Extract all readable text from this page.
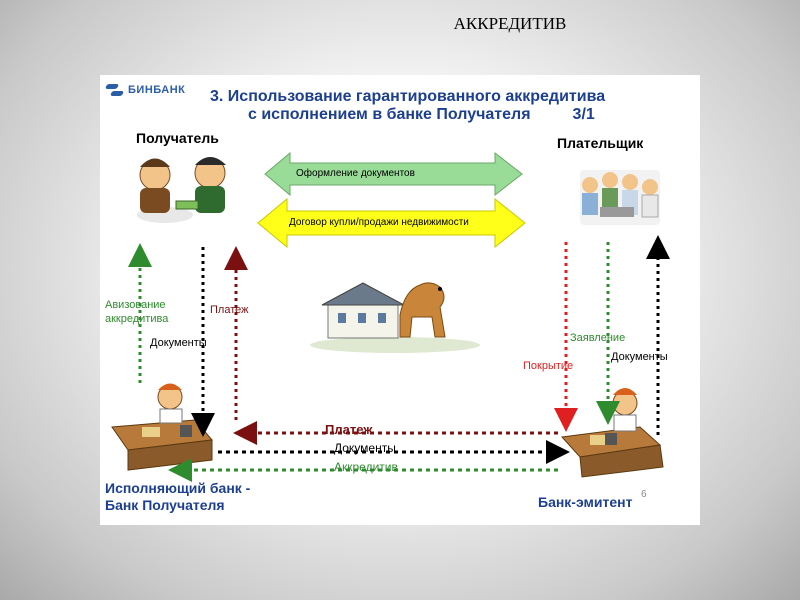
АККРЕДИТИВ
БИНБАНК 3. Использование гарантированного аккредитива
с исполнением в банке Получателя	3/1
Получатель	Плательщик
Оформление документов
Договор купли/продажи недвижимости
Авизование аккредитива
Платеж
Документы	Заявление
Покрытие
Документы
Платеж
Документы
Аккредитив
Исполняющий банк -
Банк Получателя	Банк-эмитент 6
